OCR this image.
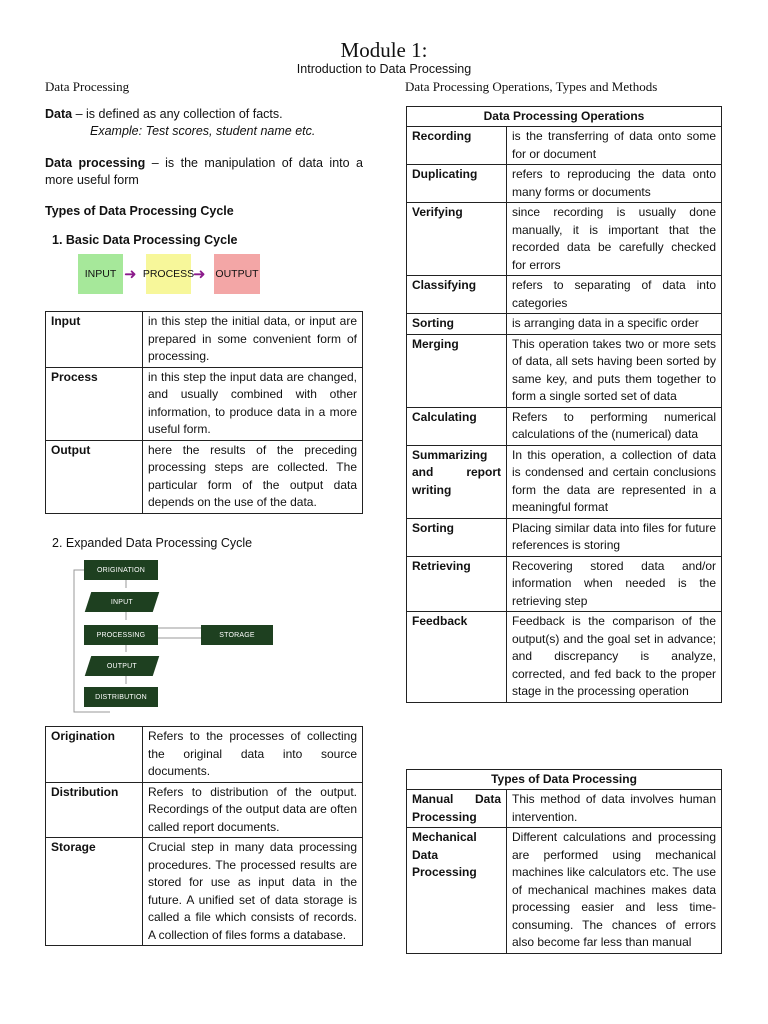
Module 1:
Introduction to Data Processing
Data Processing	Data Processing Operations, Types and Methods
Data – is defined as any collection of facts.
Example: Test scores, student name etc.
Data processing – is the manipulation of data into a more useful form
Types of Data Processing Cycle
1. Basic Data Processing Cycle
INPUT ➜ PROCESS
➜ OUTPUT
Input	in this step the initial data, or input are prepared in some convenient form of processing.
Process	in this step the input data are changed, and usually combined with other information, to produce data in a more useful form.
Output	here the results of the preceding processing steps are collected. The particular form of the output data depends on the use of the data.
2. Expanded Data Processing Cycle
ORIGINATION
INPUT
PROCESSING	STORAGE
OUTPUT
DISTRIBUTION
Origination	Refers to the processes of collecting the original data into source documents.
Distribution	Refers to distribution of the output. Recordings of the output data are often called report documents.
Storage	Crucial step in many data processing procedures. The processed results are stored for use as input data in the future. A unified set of data storage is called a file which consists of records. A collection of files forms a database.
Data Processing Operations	
Recording	is the transferring of data onto some for or document
Duplicating	refers to reproducing the data onto many forms or documents
Verifying	since recording is usually done manually, it is important that the recorded data be carefully checked for errors
Classifying	refers to separating of data into categories
Sorting	is arranging data in a specific order
Merging	This operation takes two or more sets of data, all sets having been sorted by same key, and puts them together to form a single sorted set of data
Calculating	Refers to performing numerical calculations of the (numerical) data
Summarizing and report writing	In this operation, a collection of data is condensed and certain conclusions form the data are represented in a meaningful format
Sorting	Placing similar data into files for future references is storing
Retrieving	Recovering stored data and/or information when needed is the retrieving step
Feedback	Feedback is the comparison of the output(s) and the goal set in advance; and discrepancy is analyze, corrected, and fed back to the proper stage in the processing operation
Types of Data Processing	
Manual Data Processing	This method of data involves human intervention.
Mechanical Data Processing	Different calculations and processing are performed using mechanical machines like calculators etc. The use of mechanical machines makes data processing easier and less time-consuming. The chances of errors also become far less than manual
